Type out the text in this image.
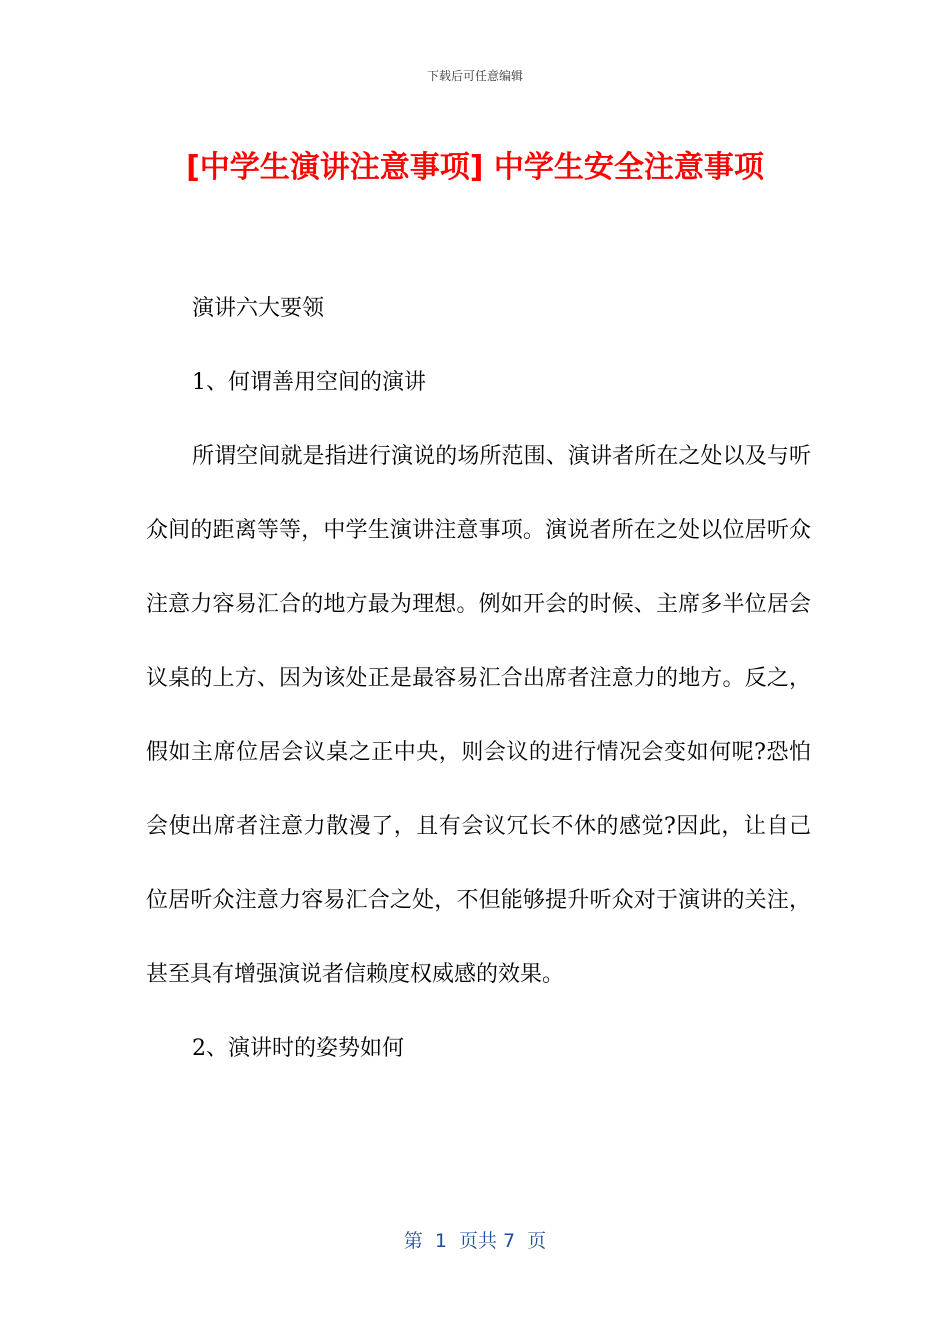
下载后可任意编辑
[中学生演讲注意事项] 中学生安全注意事项

演讲六大要领

1、何谓善用空间的演讲

所谓空间就是指进行演说的场所范围、演讲者所在之处以及与听众间的距离等等，中学生演讲注意事项。演说者所在之处以位居听众注意力容易汇合的地方最为理想。例如开会的时候、主席多半位居会议桌的上方、因为该处正是最容易汇合出席者注意力的地方。反之，假如主席位居会议桌之正中央，则会议的进行情况会变如何呢?恐怕会使出席者注意力散漫了，且有会议冗长不休的感觉?因此，让自己位居听众注意力容易汇合之处，不但能够提升听众对于演讲的关注，甚至具有增强演说者信赖度权威感的效果。

2、演讲时的姿势如何

第  1  页共 7  页
